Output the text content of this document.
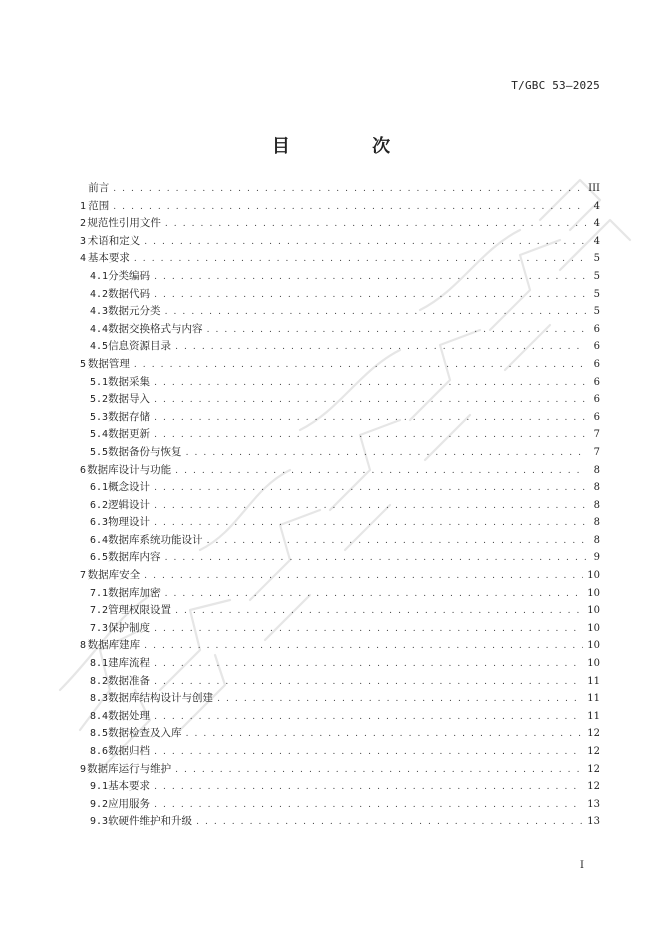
T/GBC 53—2025
目 次
前言 . . .	III
1 范围 . . .	4
2 规范性引用文件 . . .	4
3 术语和定义 . . .	4
4 基本要求 . . .	5
4.1 分类编码 . . .	5
4.2 数据代码 . . .	5
4.3 数据元分类 . . .	5
4.4 数据交换格式与内容 . . .	6
4.5 信息资源目录 . . .	6
5 数据管理 . . .	6
5.1 数据采集 . . .	6
5.2 数据导入 . . .	6
5.3 数据存储 . . .	6
5.4 数据更新 . . .	7
5.5 数据备份与恢复 . . .	7
6 数据库设计与功能 . . .	8
6.1 概念设计 . . .	8
6.2 逻辑设计 . . .	8
6.3 物理设计 . . .	8
6.4 数据库系统功能设计 . . .	8
6.5 数据库内容 . . .	9
7 数据库安全 . . .	10
7.1 数据库加密 . . .	10
7.2 管理权限设置 . . .	10
7.3 保护制度 . . .	10
8 数据库建库 . . .	10
8.1 建库流程 . . .	10
8.2 数据准备 . . .	11
8.3 数据库结构设计与创建 . . .	11
8.4 数据处理 . . .	11
8.5 数据检查及入库 . . .	12
8.6 数据归档 . . .	12
9 数据库运行与维护 . . .	12
9.1 基本要求 . . .	12
9.2 应用服务 . . .	13
9.3 软硬件维护和升级 . . .	13
I
